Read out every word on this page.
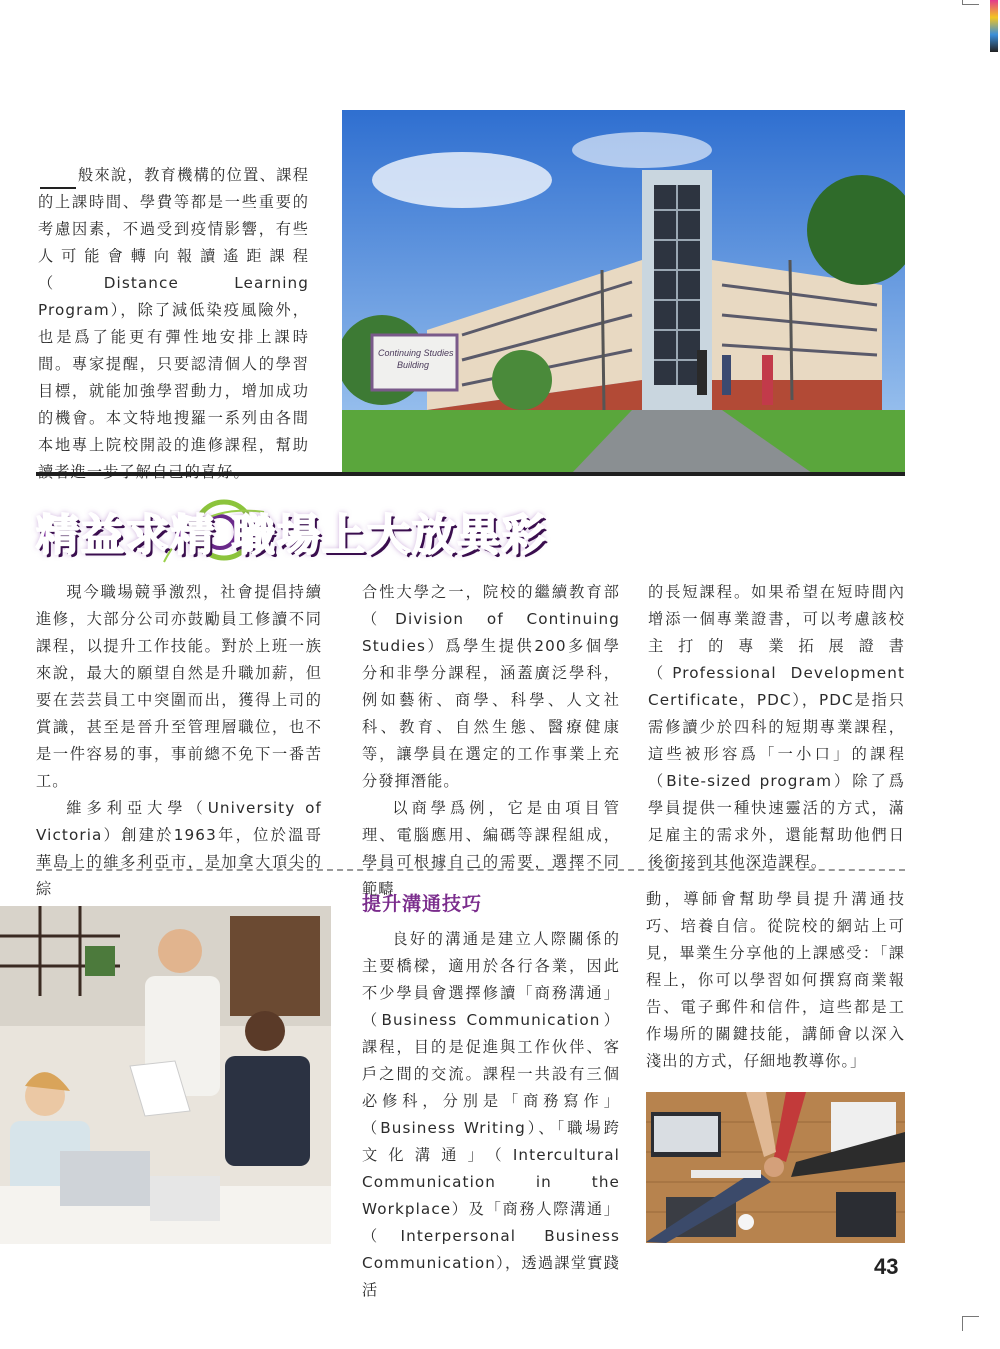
般來說，教育機構的位置、課程的上課時間、學費等都是一些重要的考慮因素，不過受到疫情影響，有些人可能會轉向報讀遙距課程（Distance Learning Program），除了減低染疫風險外，也是爲了能更有彈性地安排上課時間。專家提醒，只要認清個人的學習目標，就能加強學習動力，增加成功的機會。本文特地搜羅一系列由各間本地專上院校開設的進修課程，幫助

Continuing Studies
Building
精益求精 職場上大放異彩

現今職場競爭激烈，社會提倡持續進修，大部分公司亦鼓勵員工修讀不同課程，以提升工作技能。對於上班一族來說，最大的願望自然是升職加薪，但要在芸芸員工中突圍而出，獲得上司的賞識，甚至是晉升至管理層職位，也不是一件容易的事，事前總不免下一番苦工。

維多利亞大學（University of Victoria）創建於1963年，位於溫哥華島上的維多利亞市，是加拿大頂尖的綜

合性大學之一，院校的繼續教育部（Division of Continuing Studies）爲學生提供200多個學分和非學分課程，涵蓋廣泛學科，例如藝術、商學、科學、人文社科、教育、自然生態、醫療健康等，讓學員在選定的工作事業上充分發揮潛能。

以商學爲例，它是由項目管理、電腦應用、編碼等課程組成，學員可根據自己的需要，選擇不同範疇

的長短課程。如果希望在短時間內增添一個專業證書，可以考慮該校主打的專業拓展證書（Professional Development Certificate，PDC），PDC是指只需修讀少於四科的短期專業課程，這些被形容爲「一小口」的課程（Bite-sized program）除了爲學員提供一種快速靈活的方式，滿足雇主的需求外，還能幫助他們日後銜接到其他深造課程。

提升溝通技巧

良好的溝通是建立人際關係的主要橋樑，適用於各行各業，因此不少學員會選擇修讀「商務溝通」（Business Communication）課程，目的是促進與工作伙伴、客戶之間的交流。課程一共設有三個必修科，分別是「商務寫作」（Business Writing）、「職場跨文化溝通」（Intercultural Communication in the Workplace）及「商務人際溝通」（Interpersonal Business Communication），透過課堂實踐活

動，導師會幫助學員提升溝通技巧、培養自信。從院校的網站上可見，畢業生分享他的上課感受：「課程上，你可以學習如何撰寫商業報告、電子郵件和信件，這些都是工作場所的關鍵技能，講師會以深入淺出的方式，仔細地教導你。」

43
